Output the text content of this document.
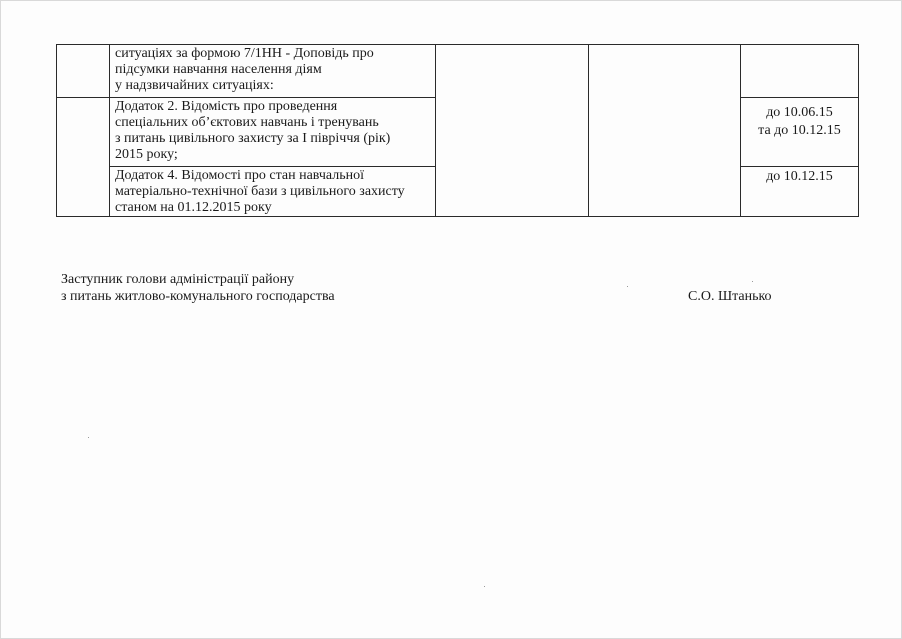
	ситуаціях за формою 7/1НН - Доповідь про
підсумки навчання населення діям
у надзвичайних ситуаціях:			

	Додаток 2. Відомість про проведення
спеціальних об’єктових навчань і тренувань
з питань цивільного захисту за І півріччя (рік)
2015 року;			до 10.06.15
та до 10.12.15

	Додаток 4. Відомості про стан навчальної
матеріально-технічної бази з цивільного захисту
станом на 01.12.2015 року			до 10.12.15
Заступник голови адміністрації району
з питань житлово-комунального господарства	С.О. Штанько
